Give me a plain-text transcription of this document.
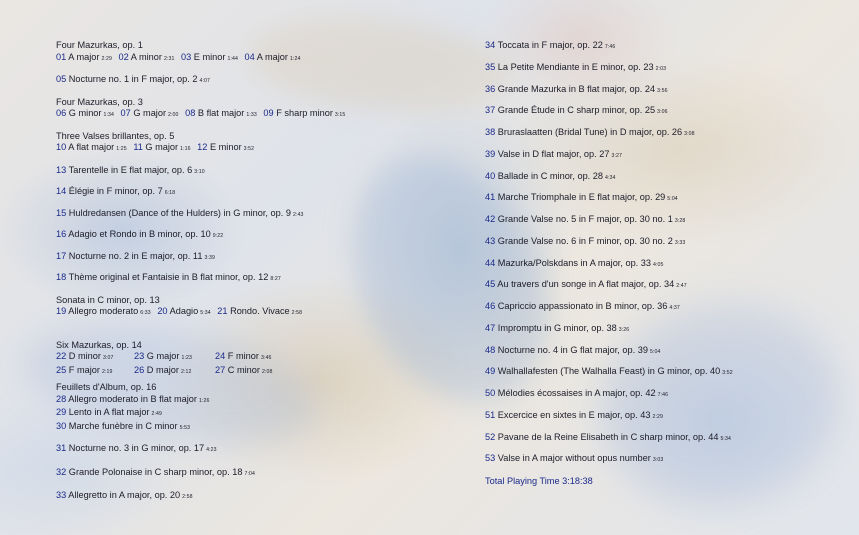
Four Mazurkas, op. 1
01 A major 2:29 02 A minor 2:31 03 E minor 1:44 04 A major 1:24
05 Nocturne no. 1 in F major, op. 2 4:07
Four Mazurkas, op. 3
06 G minor 1:34 07 G major 2:00 08 B flat major 1:33 09 F sharp minor 3:15
Three Valses brillantes, op. 5
10 A flat major 1:25 11 G major 1:16 12 E minor 3:52
13 Tarentelle in E flat major, op. 6 3:10
14 Élégie in F minor, op. 7 6:18
15 Huldredansen (Dance of the Hulders) in G minor, op. 9 2:43
16 Adagio et Rondo in B minor, op. 10 9:22
17 Nocturne no. 2 in E major, op. 11 3:39
18 Thème original et Fantaisie in B flat minor, op. 12 8:27
Sonata in C minor, op. 13
19 Allegro moderato 6:33 20 Adagio 5:34 21 Rondo. Vivace 2:58
Six Mazurkas, op. 14
22 D minor 3:07 23 G major 1:23	24 F minor 3:46
25 F major 2:19 26 D major 2:12	27 C minor 2:08
Feuillets d'Album, op. 16
28 Allegro moderato in B flat major 1:26
29 Lento in A flat major 2:49
30 Marche funèbre in C minor 5:53
31 Nocturne no. 3 in G minor, op. 17 4:23
32 Grande Polonaise in C sharp minor, op. 18 7:04
33 Allegretto in A major, op. 20 2:58
34 Toccata in F major, op. 22 7:46
35 La Petite Mendiante in E minor, op. 23 2:03
36 Grande Mazurka in B flat major, op. 24 3:56
37 Grande Étude in C sharp minor, op. 25 3:06
38 Bruraslaatten (Bridal Tune) in D major, op. 26 3:08
39 Valse in D flat major, op. 27 3:27
40 Ballade in C minor, op. 28 4:34
41 Marche Triomphale in E flat major, op. 29 5:04
42 Grande Valse no. 5 in F major, op. 30 no. 1 3:28
43 Grande Valse no. 6 in F minor, op. 30 no. 2 3:33
44 Mazurka/Polskdans in A major, op. 33 4:05
45 Au travers d'un songe in A flat major, op. 34 2:47
46 Capriccio appassionato in B minor, op. 36 4:37
47 Impromptu in G minor, op. 38 3:26
48 Nocturne no. 4 in G flat major, op. 39 5:04
49 Walhallafesten (The Walhalla Feast) in G minor, op. 40 3:52
50 Mélodies écossaises in A major, op. 42 7:46
51 Excercice en sixtes in E major, op. 43 2:29
52 Pavane de la Reine Elisabeth in C sharp minor, op. 44 5:34
53 Valse in A major without opus number 3:03
Total Playing Time 3:18:38
